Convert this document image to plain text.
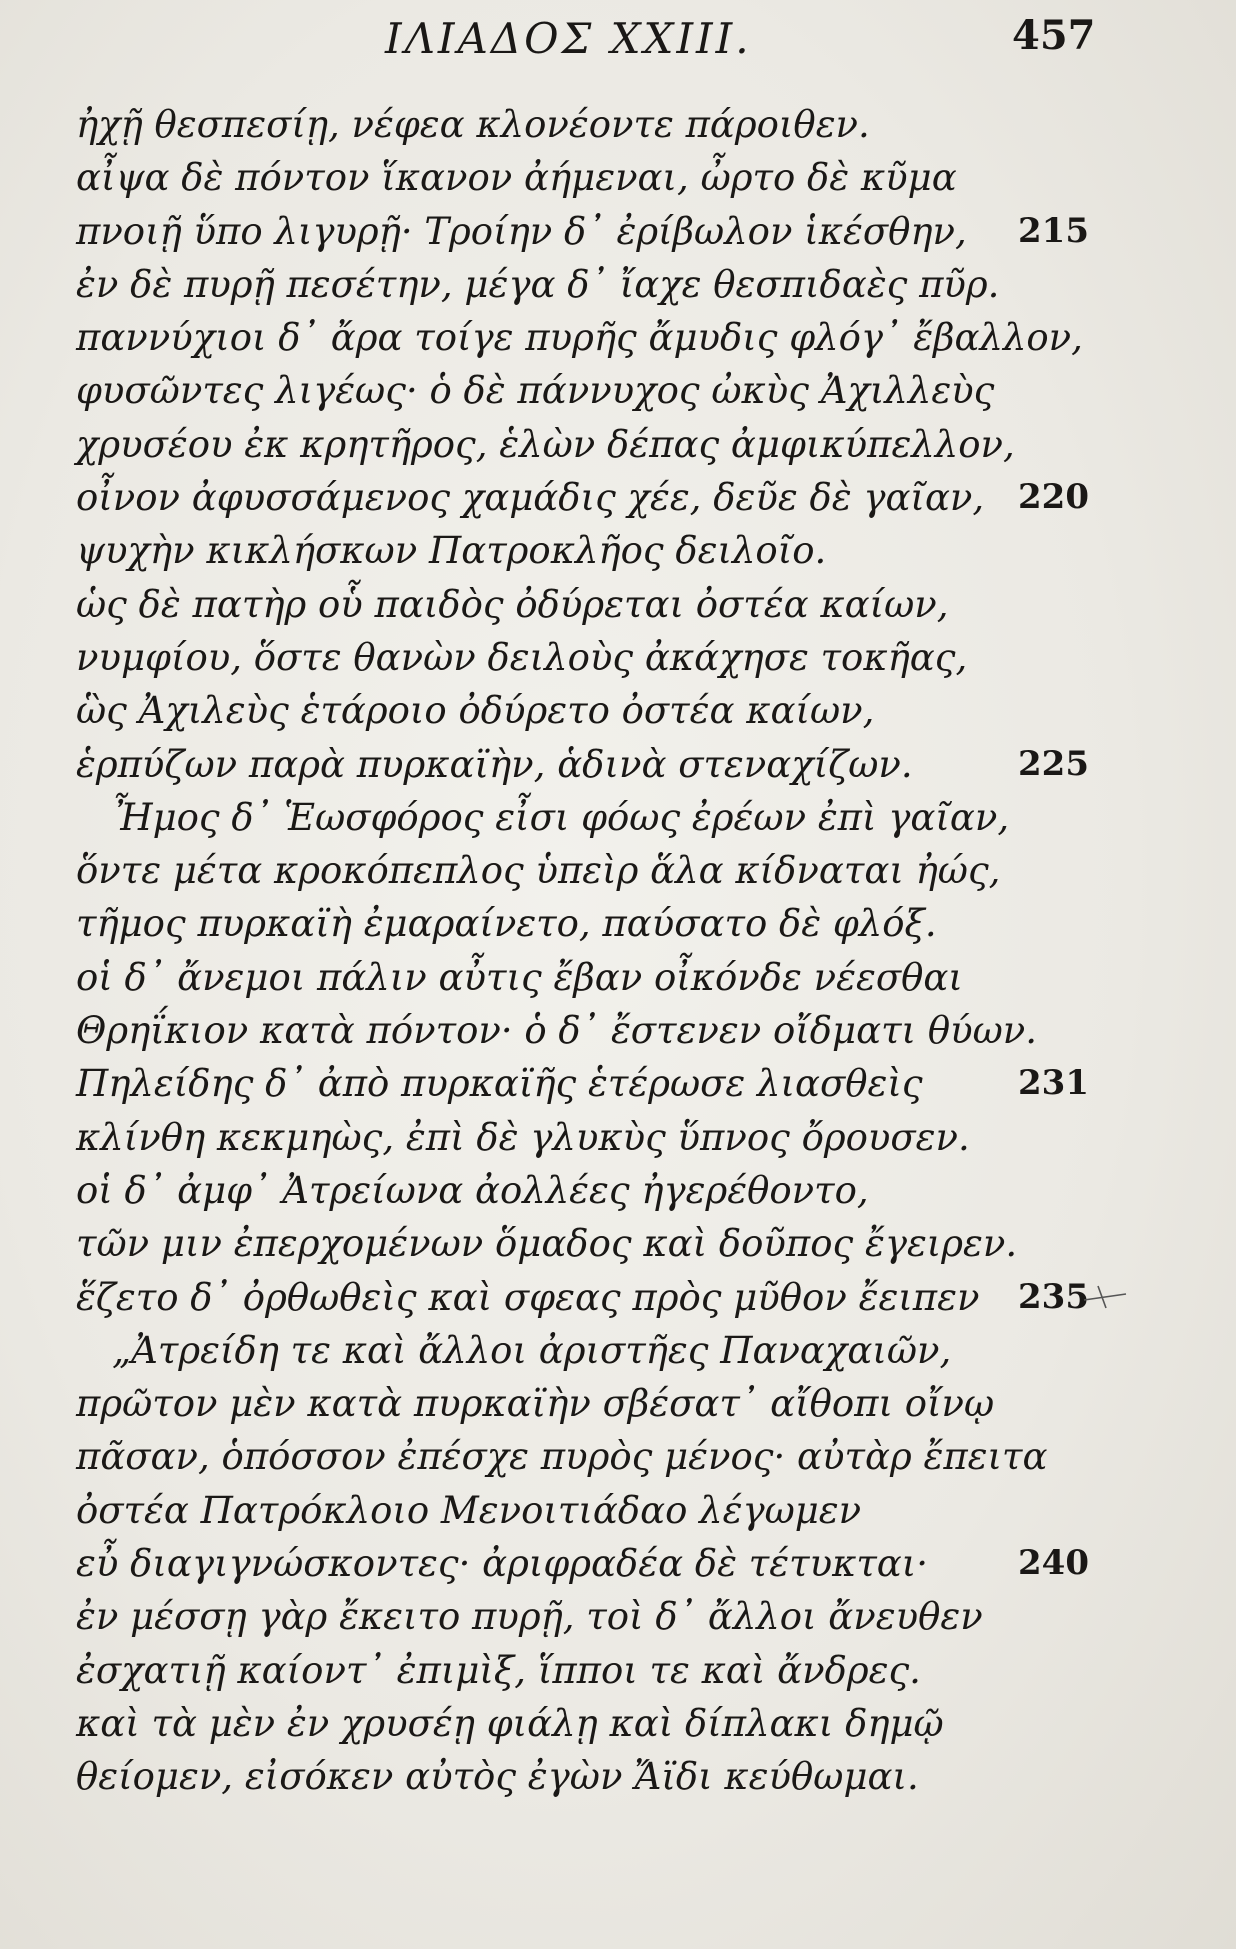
ΙΛΙΑΔΟΣ XXIII.	457
ἠχῇ θεσπεσίῃ, νέφεα κλονέοντε πάροιθεν.
αἶψα δὲ πόντον ἵκανον ἀήμεναι, ὦρτο δὲ κῦμα
πνοιῇ ὕπο λιγυρῇ· Τροίην δ᾽ ἐρίβωλον ἱκέσθην, 215
ἐν δὲ πυρῇ πεσέτην, μέγα δ᾽ ἴαχε θεσπιδαὲς πῦρ.
παννύχιοι δ᾽ ἄρα τοίγε πυρῆς ἄμυδις φλόγ᾽ ἔβαλλον,
φυσῶντες λιγέως· ὁ δὲ πάννυχος ὠκὺς Ἀχιλλεὺς
χρυσέου ἐκ κρητῆρος, ἑλὼν δέπας ἀμφικύπελλον,
οἶνον ἀφυσσάμενος χαμάδις χέε, δεῦε δὲ γαῖαν, 220
ψυχὴν κικλήσκων Πατροκλῆος δειλοῖο.
ὡς δὲ πατὴρ οὗ παιδὸς ὀδύρεται ὀστέα καίων,
νυμφίου, ὅστε θανὼν δειλοὺς ἀκάχησε τοκῆας,
ὣς Ἀχιλεὺς ἑτάροιο ὀδύρετο ὀστέα καίων,
ἑρπύζων παρὰ πυρκαϊὴν, ἁδινὰ στεναχίζων.	225
Ἦμος δ᾽ Ἑωσφόρος εἶσι φόως ἐρέων ἐπὶ γαῖαν,
ὅντε μέτα κροκόπεπλος ὑπεὶρ ἅλα κίδναται ἠώς,
τῆμος πυρκαϊὴ ἐμαραίνετο, παύσατο δὲ φλόξ.
οἱ δ᾽ ἄνεμοι πάλιν αὖτις ἔβαν οἶκόνδε νέεσθαι
Θρηΐκιον κατὰ πόντον· ὁ δ᾽ ἔστενεν οἴδματι θύων.
Πηλείδης δ᾽ ἀπὸ πυρκαϊῆς ἑτέρωσε λιασθεὶς	231
κλίνθη κεκμηὼς, ἐπὶ δὲ γλυκὺς ὕπνος ὄρουσεν.
οἱ δ᾽ ἀμφ᾽ Ἀτρείωνα ἀολλέες ἠγερέθοντο,
τῶν μιν ἐπερχομένων ὅμαδος καὶ δοῦπος ἔγειρεν.
ἕζετο δ᾽ ὀρθωθεὶς καὶ σφεας πρὸς μῦθον ἔειπεν 235
„Ἀτρείδη τε καὶ ἄλλοι ἀριστῆες Παναχαιῶν,
πρῶτον μὲν κατὰ πυρκαϊὴν σβέσατ᾽ αἴθοπι οἴνῳ
πᾶσαν, ὁπόσσον ἐπέσχε πυρὸς μένος· αὐτὰρ ἔπειτα
ὀστέα Πατρόκλοιο Μενοιτιάδαο λέγωμεν
εὖ διαγιγνώσκοντες· ἀριφραδέα δὲ τέτυκται·	240
ἐν μέσσῃ γὰρ ἔκειτο πυρῇ, τοὶ δ᾽ ἄλλοι ἄνευθεν
ἐσχατιῇ καίοντ᾽ ἐπιμὶξ, ἵπποι τε καὶ ἄνδρες.
καὶ τὰ μὲν ἐν χρυσέῃ φιάλῃ καὶ δίπλακι δημῷ
θείομεν, εἰσόκεν αὐτὸς ἐγὼν Ἄϊδι κεύθωμαι.
